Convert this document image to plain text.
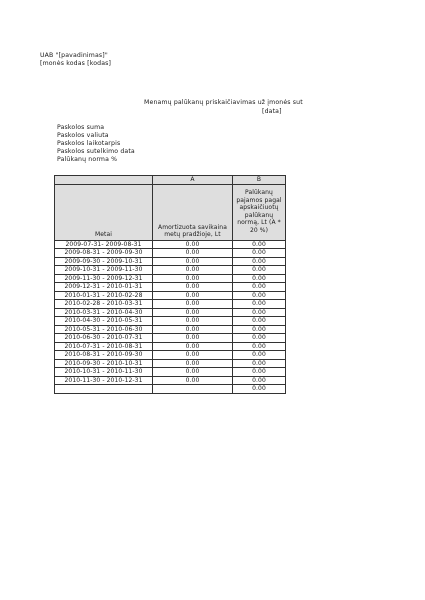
UAB "[pavadinimas]"
[monės kodas [kodas]
Menamų palūkanų priskaičiavimas už įmonės sut
[data]
Paskolos suma
Paskolos valiuta
Paskolos laikotarpis
Paskolos sutelkimo data
Palūkanų norma %
	A	B
Metai	Amortizuota savikaina metų pradžioje, Lt	Palūkanų pajamos pagal apskaičiuotų palūkanų normą, Lt (A * 20 %)
2009-07-31- 2009-08-31	0.00	0.00
2009-08-31 - 2009-09-30	0.00	0.00
2009-09-30 - 2009-10-31	0.00	0.00
2009-10-31 - 2009-11-30	0.00	0.00
2009-11-30 - 2009-12-31	0.00	0.00
2009-12-31 - 2010-01-31	0.00	0.00
2010-01-31 - 2010-02-28	0.00	0.00
2010-02-28 - 2010-03-31	0.00	0.00
2010-03-31 - 2010-04-30	0.00	0.00
2010-04-30 - 2010-05-31	0.00	0.00
2010-05-31 - 2010-06-30	0.00	0.00
2010-06-30 - 2010-07-31	0.00	0.00
2010-07-31 - 2010-08-31	0.00	0.00
2010-08-31 - 2010-09-30	0.00	0.00
2010-09-30 - 2010-10-31	0.00	0.00
2010-10-31 - 2010-11-30	0.00	0.00
2010-11-30 - 2010-12-31	0.00	0.00
		0.00
